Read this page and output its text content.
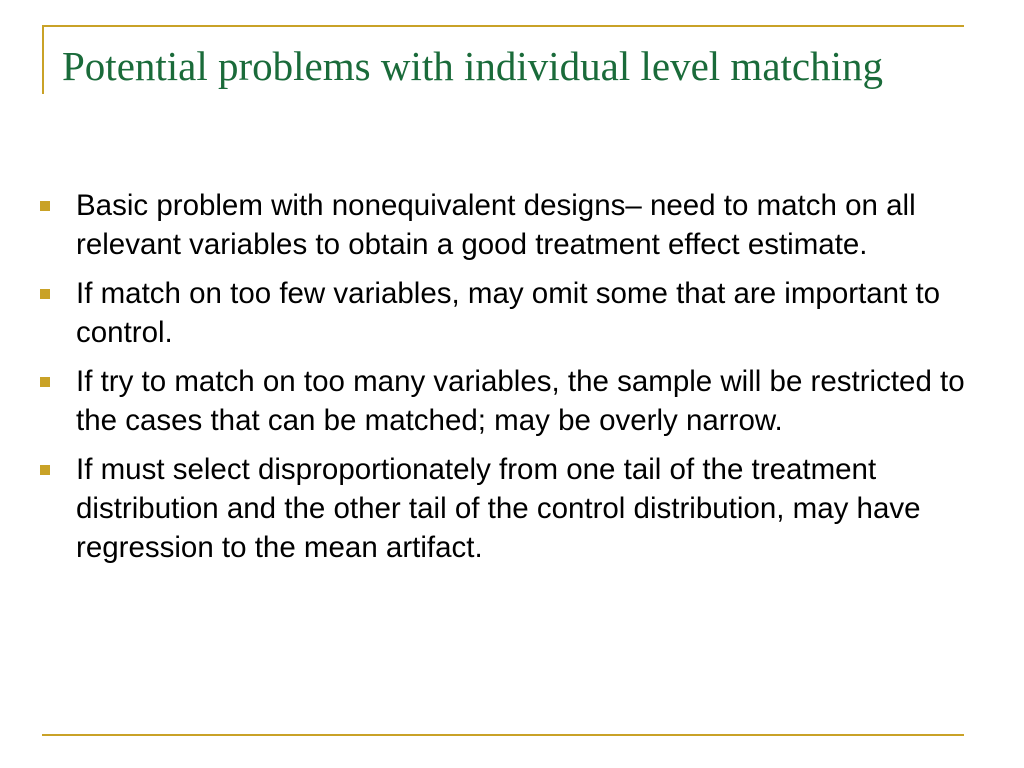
Potential problems with individual level matching
Basic problem with nonequivalent designs– need to match on all relevant variables to obtain a good treatment effect estimate.
If match on too few variables, may omit some that are important to control.
If try to match on too many variables, the sample will be restricted to the cases that can be matched; may be overly narrow.
If must select disproportionately from one tail of the treatment distribution and the other tail of the control distribution, may have regression to the mean artifact.
